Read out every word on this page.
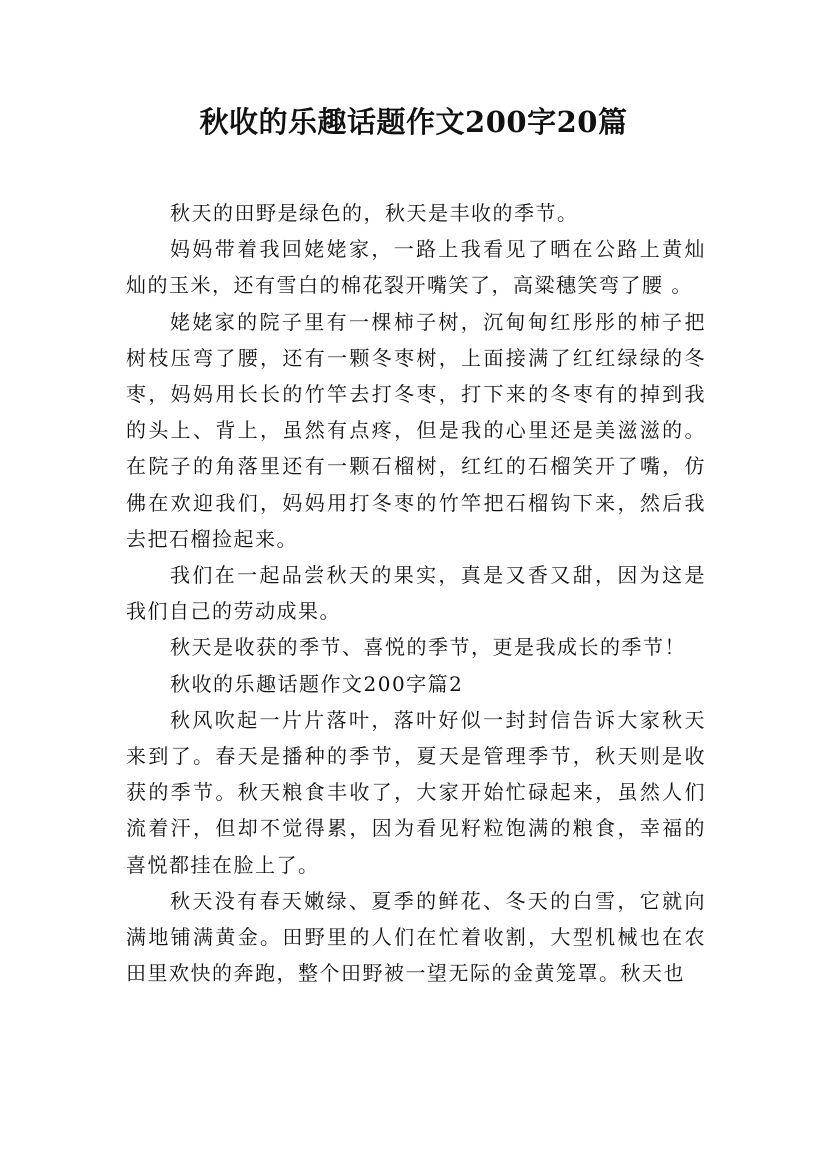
秋收的乐趣话题作文200字20篇

秋天的田野是绿色的，秋天是丰收的季节。

妈妈带着我回姥姥家，一路上我看见了晒在公路上黄灿灿的玉米，还有雪白的棉花裂开嘴笑了，高粱穗笑弯了腰 。

姥姥家的院子里有一棵柿子树，沉甸甸红彤彤的柿子把树枝压弯了腰，还有一颗冬枣树，上面接满了红红绿绿的冬枣，妈妈用长长的竹竿去打冬枣，打下来的冬枣有的掉到我的头上、背上，虽然有点疼，但是我的心里还是美滋滋的。在院子的角落里还有一颗石榴树，红红的石榴笑开了嘴，仿佛在欢迎我们，妈妈用打冬枣的竹竿把石榴钩下来，然后我去把石榴捡起来。

我们在一起品尝秋天的果实，真是又香又甜，因为这是我们自己的劳动成果。

秋天是收获的季节、喜悦的季节，更是我成长的季节！

秋收的乐趣话题作文200字篇2

秋风吹起一片片落叶，落叶好似一封封信告诉大家秋天来到了。春天是播种的季节，夏天是管理季节，秋天则是收获的季节。秋天粮食丰收了，大家开始忙碌起来，虽然人们流着汗，但却不觉得累，因为看见籽粒饱满的粮食，幸福的喜悦都挂在脸上了。

秋天没有春天嫩绿、夏季的鲜花、冬天的白雪，它就向满地铺满黄金。田野里的人们在忙着收割，大型机械也在农田里欢快的奔跑，整个田野被一望无际的金黄笼罩。秋天也
